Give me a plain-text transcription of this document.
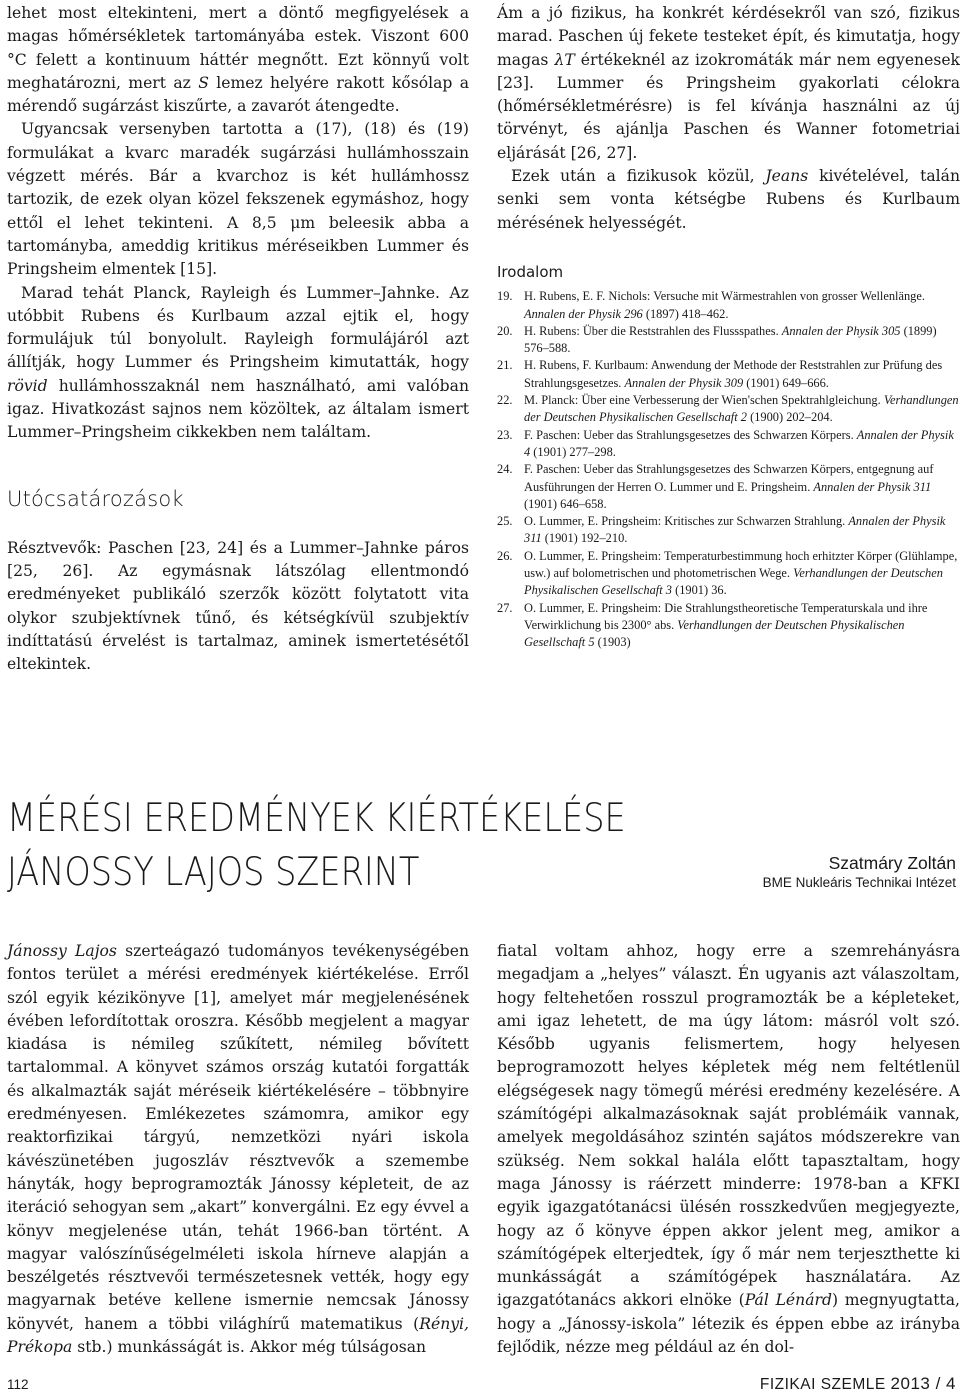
lehet most eltekinteni, mert a döntő megfigyelések a magas hőmérsékletek tartományába estek. Viszont 600 °C felett a kontinuum háttér megnőtt. Ezt könnyű volt meghatározni, mert az S lemez helyére rakott kősólap a mérendő sugárzást kiszűrte, a zavarót átengedte.

Ugyancsak versenyben tartotta a (17), (18) és (19) formulákat a kvarc maradék sugárzási hullámhosszain végzett mérés. Bár a kvarchoz is két hullámhossz tartozik, de ezek olyan közel fekszenek egymáshoz, hogy ettől el lehet tekinteni. A 8,5 μm beleesik abba a tartományba, ameddig kritikus méréseikben Lummer és Pringsheim elmentek [15].

Marad tehát Planck, Rayleigh és Lummer–Jahnke. Az utóbbit Rubens és Kurlbaum azzal ejtik el, hogy formulájuk túl bonyolult. Rayleigh formulájáról azt állítják, hogy Lummer és Pringsheim kimutatták, hogy rövid hullámhosszaknál nem használható, ami valóban igaz. Hivatkozást sajnos nem közöltek, az általam ismert Lummer–Pringsheim cikkekben nem találtam.

Utócsatározások

Résztvevők: Paschen [23, 24] és a Lummer–Jahnke páros [25, 26]. Az egymásnak látszólag ellentmondó eredményeket publikáló szerzők között folytatott vita olykor szubjektívnek tűnő, és kétségkívül szubjektív indíttatású érvelést is tartalmaz, aminek ismertetésétől eltekintek.

Ám a jó fizikus, ha konkrét kérdésekről van szó, fizikus marad. Paschen új fekete testeket épít, és kimutatja, hogy magas λT értékeknél az izokromáták már nem egyenesek [23]. Lummer és Pringsheim gyakorlati célokra (hőmérsékletmérésre) is fel kívánja használni az új törvényt, és ajánlja Paschen és Wanner fotometriai eljárását [26, 27].

Ezek után a fizikusok közül, Jeans kivételével, talán senki sem vonta kétségbe Rubens és Kurlbaum mérésének helyességét.

Irodalom
19. H. Rubens, E. F. Nichols: Versuche mit Wärmestrahlen von grosser Wellenlänge. Annalen der Physik 296 (1897) 418–462.
20. H. Rubens: Über die Reststrahlen des Flussspathes. Annalen der Physik 305 (1899) 576–588.
21. H. Rubens, F. Kurlbaum: Anwendung der Methode der Reststrahlen zur Prüfung des Strahlungsgesetzes. Annalen der Physik 309 (1901) 649–666.
22. M. Planck: Über eine Verbesserung der Wien'schen Spektrahlgleichung. Verhandlungen der Deutschen Physikalischen Gesellschaft 2 (1900) 202–204.
23. F. Paschen: Ueber das Strahlungsgesetzes des Schwarzen Körpers. Annalen der Physik 4 (1901) 277–298.
24. F. Paschen: Ueber das Strahlungsgesetzes des Schwarzen Körpers, entgegnung auf Ausführungen der Herren O. Lummer und E. Pringsheim. Annalen der Physik 311 (1901) 646–658.
25. O. Lummer, E. Pringsheim: Kritisches zur Schwarzen Strahlung. Annalen der Physik 311 (1901) 192–210.
26. O. Lummer, E. Pringsheim: Temperaturbestimmung hoch erhitzter Körper (Glühlampe, usw.) auf bolometrischen und photometrischen Wege. Verhandlungen der Deutschen Physikalischen Gesellschaft 3 (1901) 36.
27. O. Lummer, E. Pringsheim: Die Strahlungstheoretische Temperaturskala und ihre Verwirklichung bis 2300° abs. Verhandlungen der Deutschen Physikalischen Gesellschaft 5 (1903)
MÉRÉSI EREDMÉNYEK KIÉRTÉKELÉSE
JÁNOSSY LAJOS SZERINT	Szatmáry Zoltán
BME Nukleáris Technikai Intézet

Jánossy Lajos szerteágazó tudományos tevékenységében fontos terület a mérési eredmények kiértékelése. Erről szól egyik kézikönyve [1], amelyet már megjelenésének évében lefordítottak oroszra. Később megjelent a magyar kiadása is némileg szűkített, némileg bővített tartalommal. A könyvet számos ország kutatói forgatták és alkalmazták saját méréseik kiértékelésére – többnyire eredményesen. Emlékezetes számomra, amikor egy reaktorfizikai tárgyú, nemzetközi nyári iskola kávészünetében jugoszláv résztvevők a szemembe hányták, hogy beprogramozták Jánossy képleteit, de az iteráció sehogyan sem „akart” konvergálni. Ez egy évvel a könyv megjelenése után, tehát 1966-ban történt. A magyar valószínűségelméleti iskola hírneve alapján a beszélgetés résztvevői természetesnek vették, hogy egy magyarnak betéve kellene ismernie nemcsak Jánossy könyvét, hanem a többi világhírű matematikus (Rényi, Prékopa stb.) munkásságát is. Akkor még túlságosan

fiatal voltam ahhoz, hogy erre a szemrehányásra megadjam a „helyes” választ. Én ugyanis azt válaszoltam, hogy feltehetően rosszul programozták be a képleteket, ami igaz lehetett, de ma úgy látom: másról volt szó. Később ugyanis felismertem, hogy helyesen beprogramozott helyes képletek még nem feltétlenül elégségesek nagy tömegű mérési eredmény kezelésére. A számítógépi alkalmazásoknak saját problémáik vannak, amelyek megoldásához szintén sajátos módszerekre van szükség. Nem sokkal halála előtt tapasztaltam, hogy maga Jánossy is ráérzett minderre: 1978-ban a KFKI egyik igazgatótanácsi ülésén rosszkedvűen megjegyezte, hogy az ő könyve éppen akkor jelent meg, amikor a számítógépek elterjedtek, így ő már nem terjeszthette ki munkásságát a számítógépek használatára. Az igazgatótanács akkori elnöke (Pál Lénárd) megnyugtatta, hogy a „Jánossy-iskola” létezik és éppen ebbe az irányba fejlődik, nézze meg például az én dol-

112	FIZIKAI SZEMLE 2013 / 4
